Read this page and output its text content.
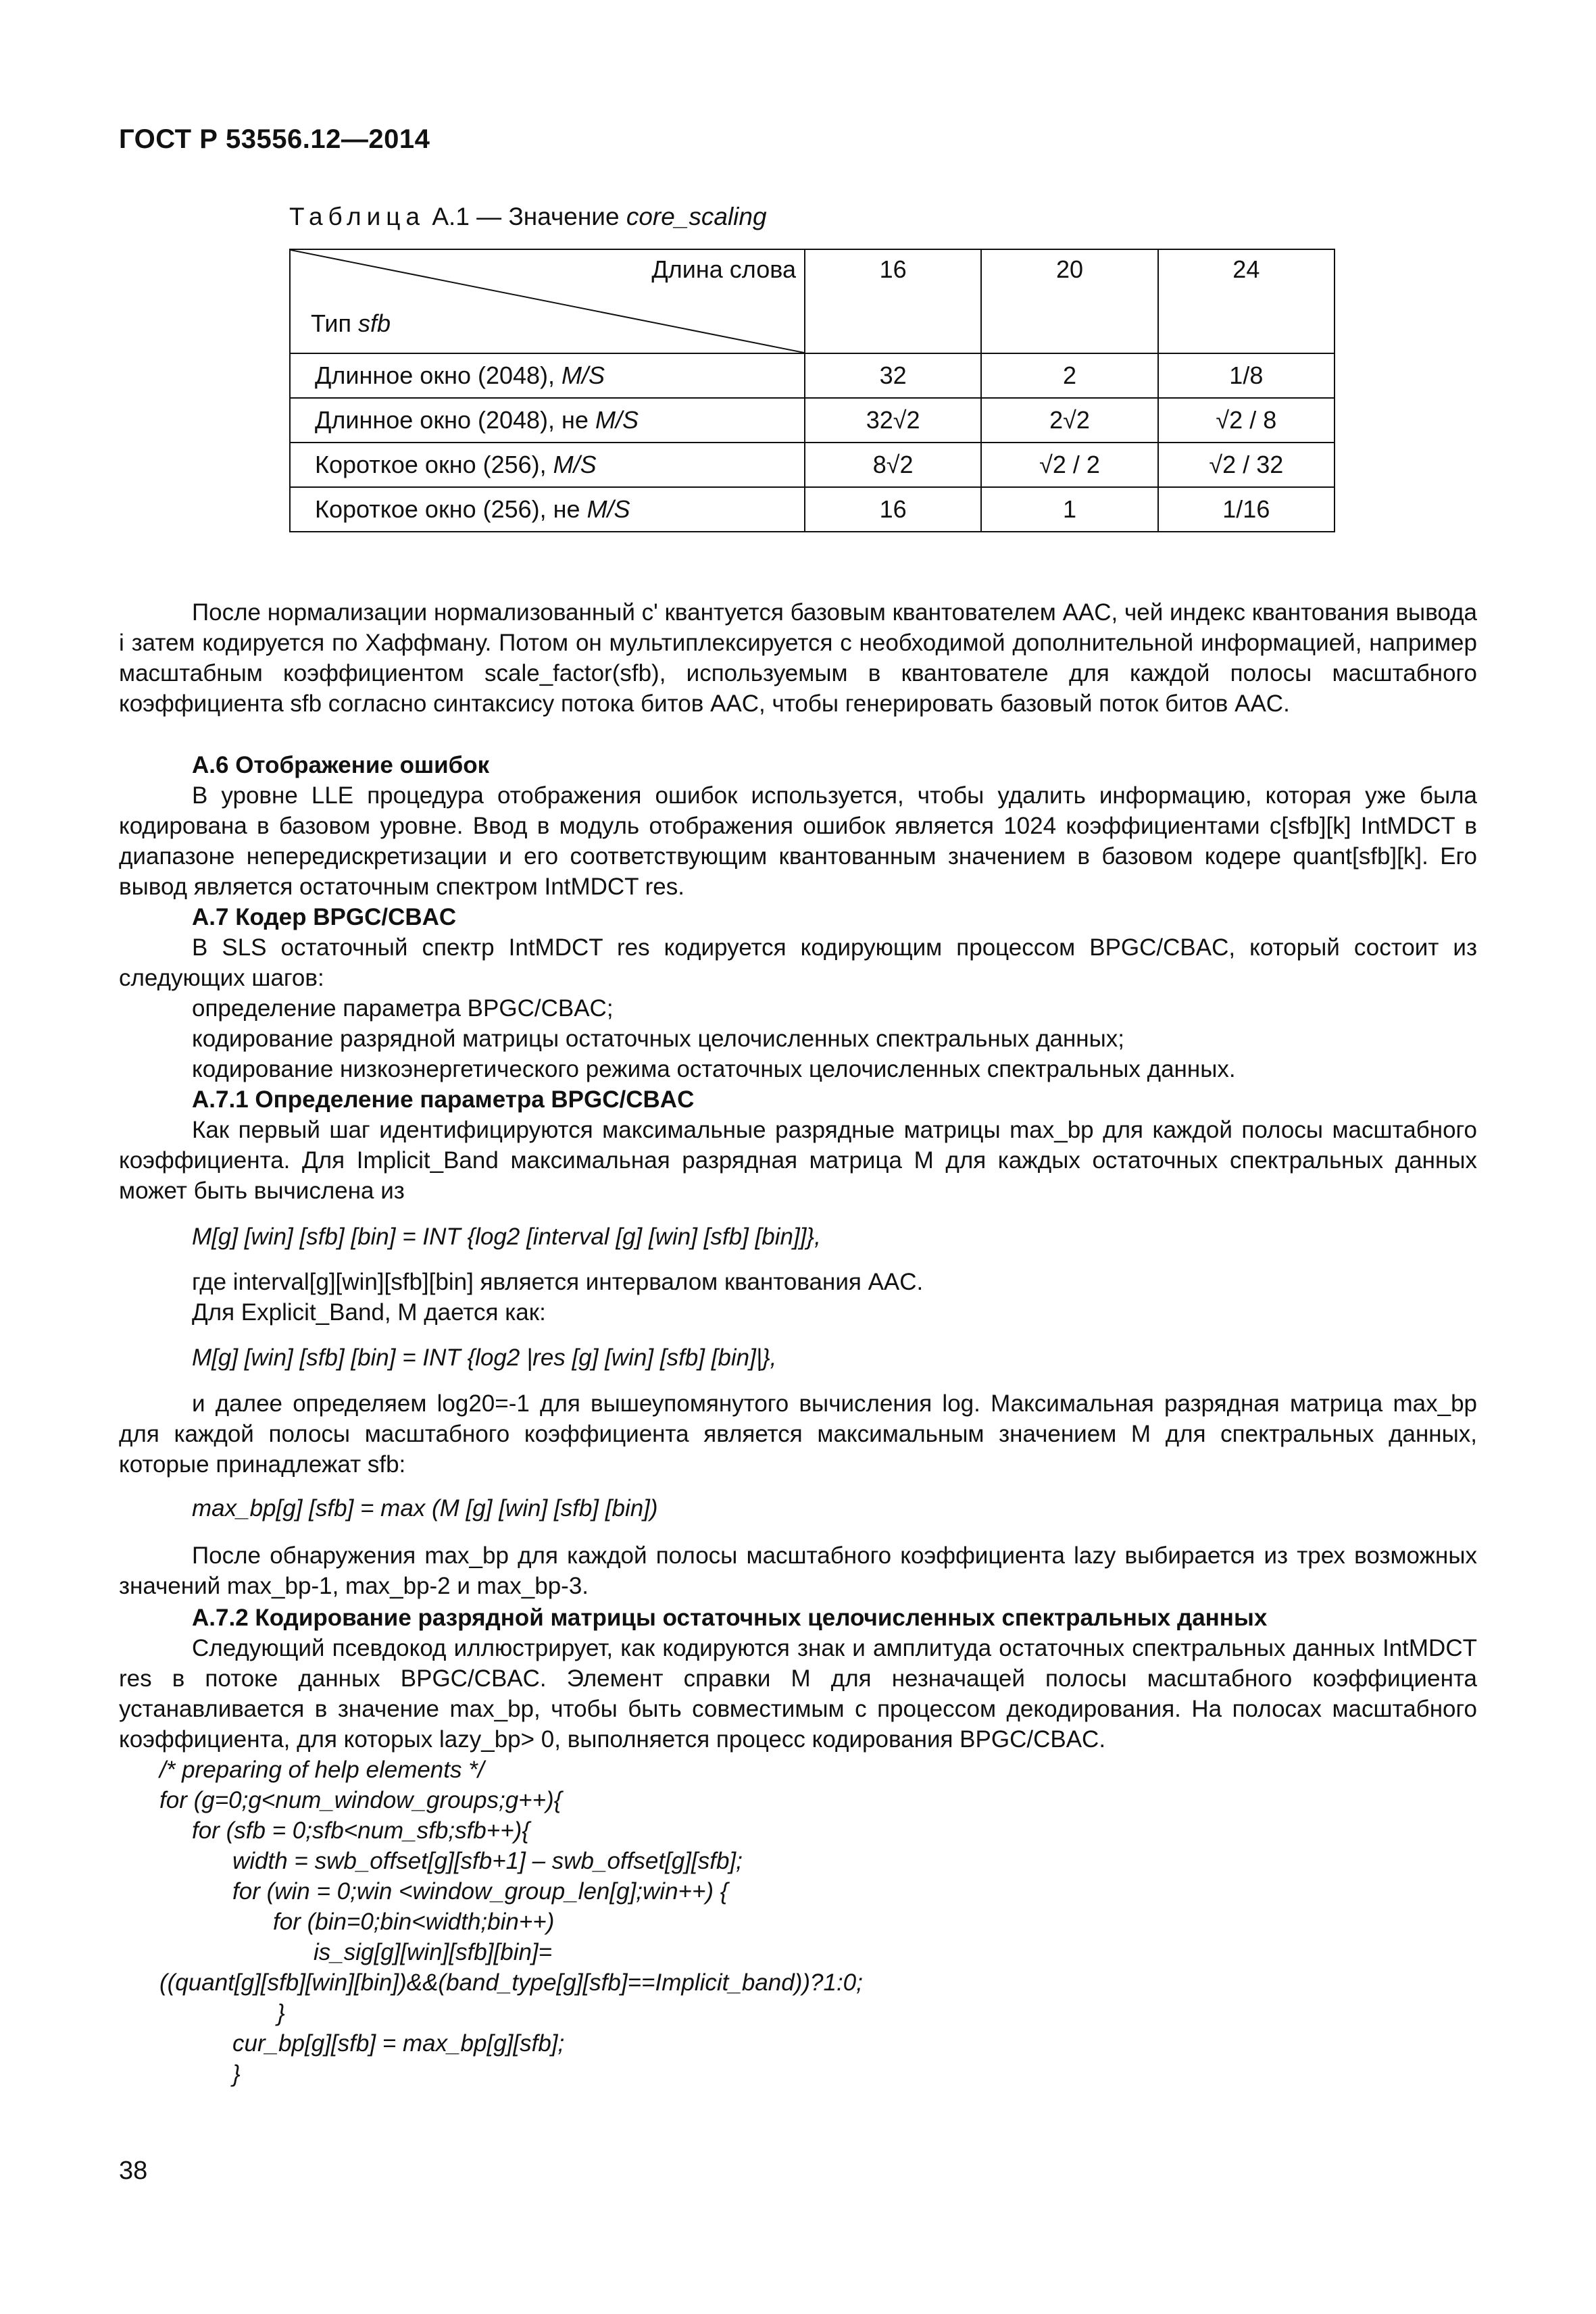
ГОСТ Р 53556.12—2014
Таблица А.1 — Значение core_scaling
Длина слова
Тип sfb	16	20	24
Длинное окно (2048), M/S	32	2	1/8
Длинное окно (2048), не M/S	32√2	2√2	√2 / 8
Короткое окно (256), M/S	8√2	√2 / 2	√2 / 32
Короткое окно (256), не M/S	16	1	1/16
После нормализации нормализованный c' квантуется базовым квантователем AAC, чей индекс квантования вывода i затем кодируется по Хаффману. Потом он мультиплексируется с необходимой дополнительной информацией, например масштабным коэффициентом scale_factor(sfb), используемым в квантователе для каждой полосы масштабного коэффициента sfb согласно синтаксису потока битов AAC, чтобы генерировать базовый поток битов AAC.
А.6 Отображение ошибок
В уровне LLE процедура отображения ошибок используется, чтобы удалить информацию, которая уже была кодирована в базовом уровне. Ввод в модуль отображения ошибок является 1024 коэффициентами c[sfb][k] IntMDCT в диапазоне непередискретизации и его соответствующим квантованным значением в базовом кодере quant[sfb][k]. Его вывод является остаточным спектром IntMDCT res.
А.7 Кодер BPGC/CBAC
В SLS остаточный спектр IntMDCT res кодируется кодирующим процессом BPGC/CBAC, который состоит из следующих шагов:
определение параметра BPGC/CBAC;
кодирование разрядной матрицы остаточных целочисленных спектральных данных;
кодирование низкоэнергетического режима остаточных целочисленных спектральных данных.
А.7.1 Определение параметра BPGC/CBAC
Как первый шаг идентифицируются максимальные разрядные матрицы max_bp для каждой полосы масштабного коэффициента. Для Implicit_Band максимальная разрядная матрица M для каждых остаточных спектральных данных может быть вычислена из
M[g] [win] [sfb] [bin] = INT {log2 [interval [g] [win] [sfb] [bin]]},
где interval[g][win][sfb][bin] является интервалом квантования AAC.
Для Explicit_Band, M дается как:
M[g] [win] [sfb] [bin] = INT {log2 |res [g] [win] [sfb] [bin]|},
и далее определяем log20=-1 для вышеупомянутого вычисления log. Максимальная разрядная матрица max_bp для каждой полосы масштабного коэффициента является максимальным значением M для спектральных данных, которые принадлежат sfb:
max_bp[g] [sfb] = max (M [g] [win] [sfb] [bin])
После обнаружения max_bp для каждой полосы масштабного коэффициента lazy выбирается из трех возможных значений max_bp-1, max_bp-2 и max_bp-3.
А.7.2 Кодирование разрядной матрицы остаточных целочисленных спектральных данных
Следующий псевдокод иллюстрирует, как кодируются знак и амплитуда остаточных спектральных данных IntMDCT res в потоке данных BPGC/CBAC. Элемент справки M для незначащей полосы масштабного коэффициента устанавливается в значение max_bp, чтобы быть совместимым с процессом декодирования. На полосах масштабного коэффициента, для которых lazy_bp> 0, выполняется процесс кодирования BPGC/CBAC.
/* preparing of help elements */
for (g=0;g<num_window_groups;g++){
for (sfb = 0;sfb<num_sfb;sfb++){
width = swb_offset[g][sfb+1] – swb_offset[g][sfb];
for (win = 0;win <window_group_len[g];win++) {
for (bin=0;bin<width;bin++)
is_sig[g][win][sfb][bin]=
((quant[g][sfb][win][bin])&&(band_type[g][sfb]==Implicit_band))?1:0;
}
cur_bp[g][sfb] = max_bp[g][sfb];
}
38
